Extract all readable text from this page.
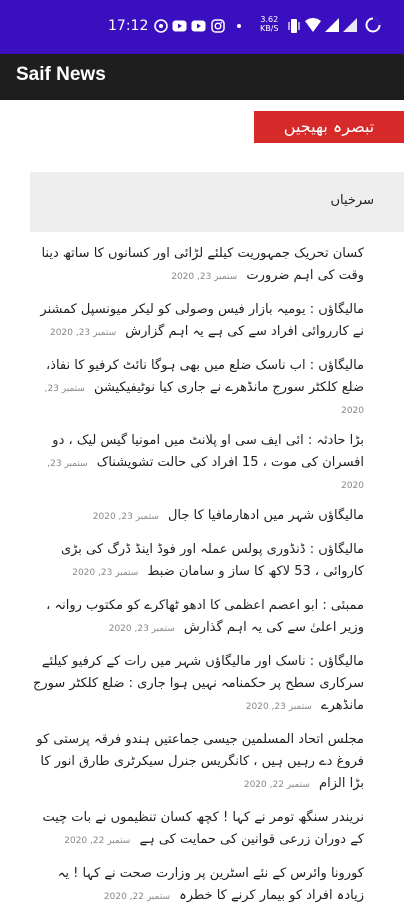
17:12	3.62
KB/S
Saif News
تبصرہ بھیجیں
سرخیاں
کسان تحریک جمہوریت کیلئے لڑائی اور کسانوں کا ساتھ دینا وقت کی اہم ضرورت ستمبر 23, 2020
مالیگاؤں : یومیہ بازار فیس وصولی کو لیکر میونسپل کمشنر نے کارروائی افراد سے کی ہے یہ اہم گزارش ستمبر 23, 2020
مالیگاؤں : اب ناسک ضلع میں بھی ہوگا نائٹ کرفیو کا نفاذ، ضلع کلکٹر سورج مانڈھرے نے جاری کیا نوٹیفیکیشن ستمبر 23, 2020
بڑا حادثہ : ائی ایف سی او پلانٹ میں امونیا گیس لیک ، دو افسران کی موت ، 15 افراد کی حالت تشویشناک ستمبر 23, 2020
مالیگاؤں شہر میں ادھارمافیا کا جال ستمبر 23, 2020
مالیگاؤں : ڈنڈوری پولس عملہ اور فوڈ اینڈ ڈرگ کی بڑی کاروائی ، 53 لاکھ کا ساز و سامان ضبط ستمبر 23, 2020
ممبئی : ابو اعصم اعظمی کا ادھو ٹھاکرے کو مکتوب روانہ ، وزیر اعلیٰ سے کی یہ اہم گذارش ستمبر 23, 2020
مالیگاؤں : ناسک اور مالیگاؤں شہر میں رات کے کرفیو کیلئے سرکاری سطح پر حکمنامہ نہیں ہوا جاری : ضلع کلکٹر سورج مانڈھرے ستمبر 23, 2020
مجلس اتحاد المسلمین جیسی جماعتیں ہندو فرقہ پرستی کو فروغ دے رہیں ہیں ، کانگریس جنرل سیکرٹری طارق انور کا بڑا الزام ستمبر 22, 2020
نریندر سنگھ تومر نے کہا ! کچھ کسان تنظیموں نے بات چیت کے دوران زرعی قوانین کی حمایت کی ہے ستمبر 22, 2020
کورونا وائرس کے نئے اسٹرین پر وزارت صحت نے کہا ! یہ زیادہ افراد کو بیمار کرنے کا خطرہ ستمبر 22, 2020
